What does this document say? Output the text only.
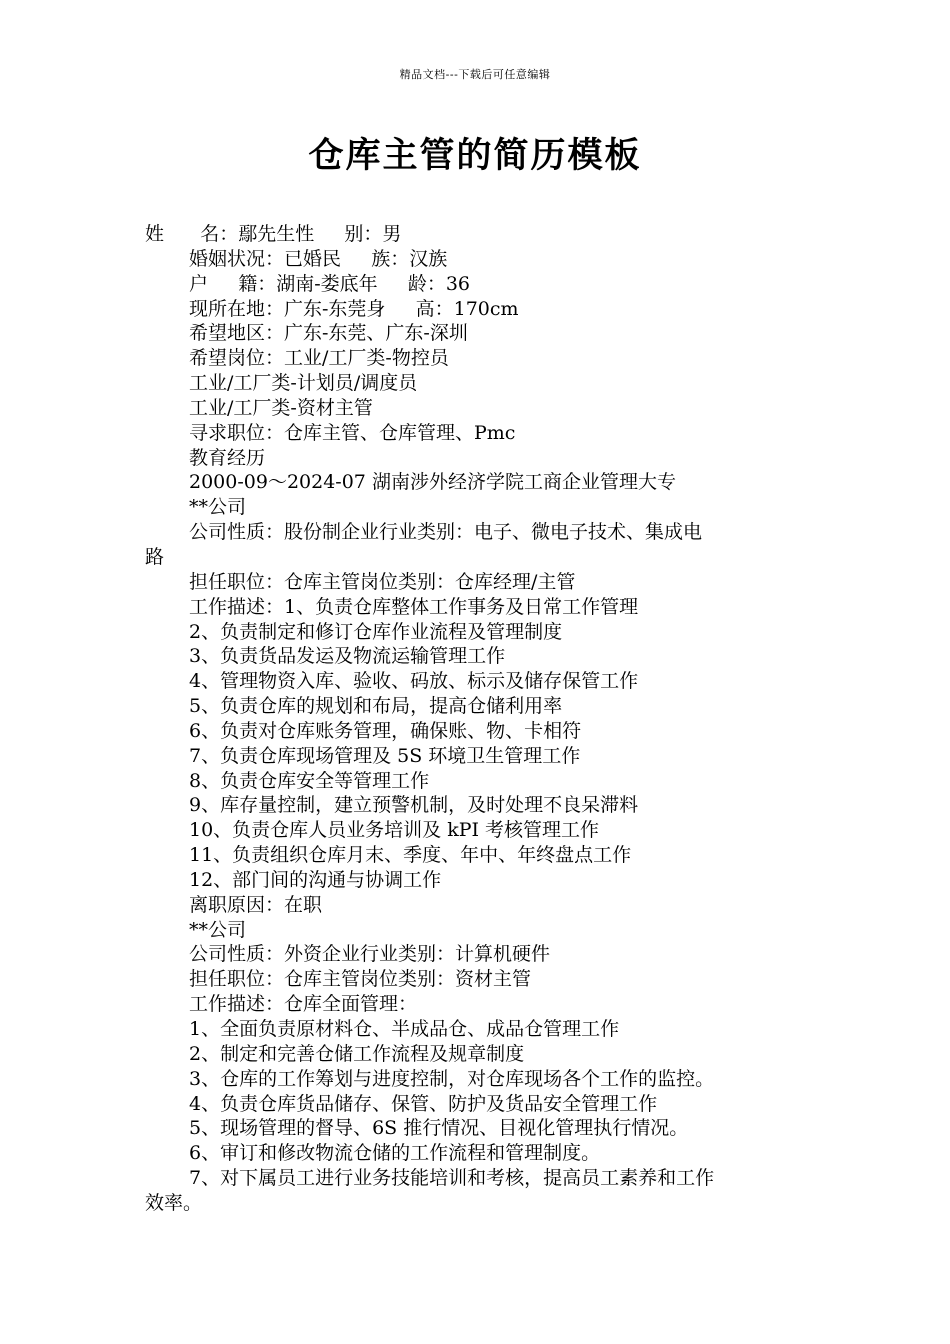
精品文档---下载后可任意编辑
仓库主管的简历模板
姓      名：鄢先生性     别：男
婚姻状况：已婚民     族：汉族
户     籍：湖南-娄底年     龄：36
现所在地：广东-东莞身     高：170cm
希望地区：广东-东莞、广东-深圳
希望岗位：工业/工厂类-物控员
工业/工厂类-计划员/调度员
工业/工厂类-资材主管
寻求职位：仓库主管、仓库管理、Pmc
教育经历
2000-09～2024-07 湖南涉外经济学院工商企业管理大专
**公司
公司性质：股份制企业行业类别：电子、微电子技术、集成电
路
担任职位：仓库主管岗位类别：仓库经理/主管
工作描述：1、负责仓库整体工作事务及日常工作管理
2、负责制定和修订仓库作业流程及管理制度
3、负责货品发运及物流运输管理工作
4、管理物资入库、验收、码放、标示及储存保管工作
5、负责仓库的规划和布局，提高仓储利用率
6、负责对仓库账务管理，确保账、物、卡相符
7、负责仓库现场管理及 5S 环境卫生管理工作
8、负责仓库安全等管理工作
9、库存量控制，建立预警机制，及时处理不良呆滞料
10、负责仓库人员业务培训及 kPI 考核管理工作
11、负责组织仓库月末、季度、年中、年终盘点工作
12、部门间的沟通与协调工作
离职原因：在职
**公司
公司性质：外资企业行业类别：计算机硬件
担任职位：仓库主管岗位类别：资材主管
工作描述：仓库全面管理：
1、全面负责原材料仓、半成品仓、成品仓管理工作
2、制定和完善仓储工作流程及规章制度
3、仓库的工作筹划与进度控制，对仓库现场各个工作的监控。
4、负责仓库货品储存、保管、防护及货品安全管理工作
5、现场管理的督导、6S 推行情况、目视化管理执行情况。
6、审订和修改物流仓储的工作流程和管理制度。
7、对下属员工进行业务技能培训和考核，提高员工素养和工作
效率。
